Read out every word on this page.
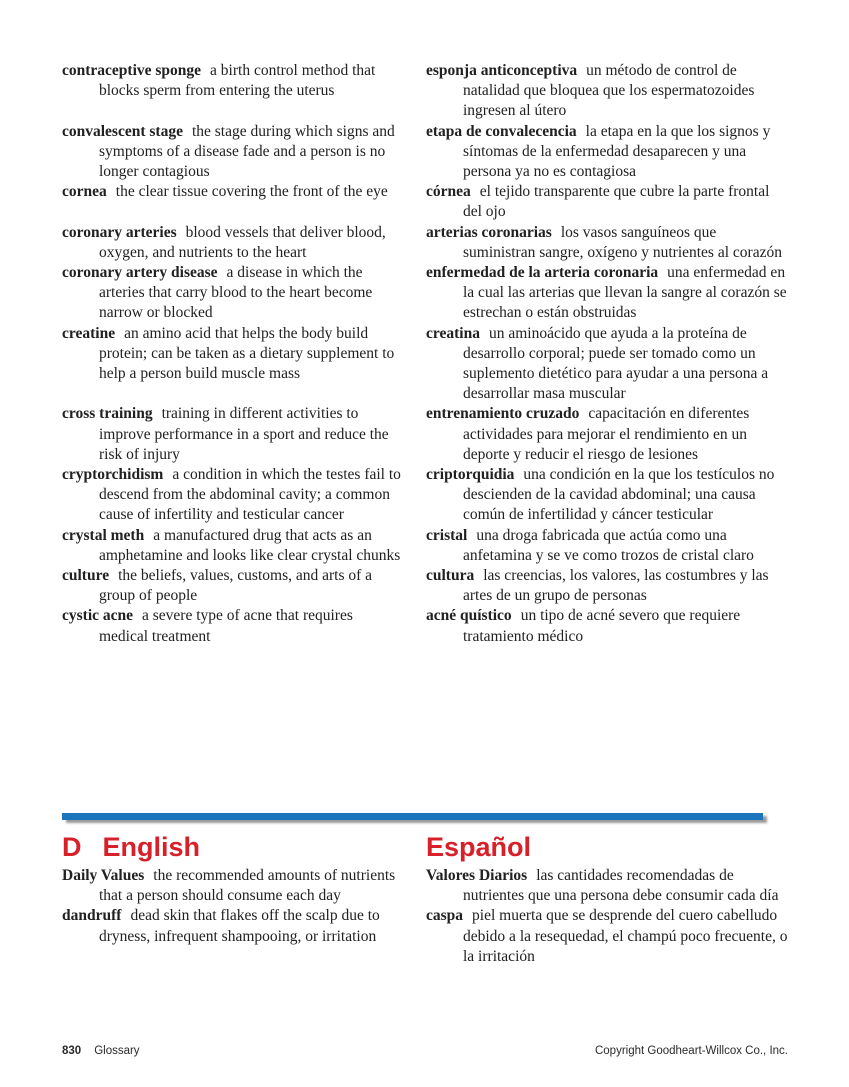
contraceptive sponge a birth control method that blocks sperm from entering the uterus

esponja anticonceptiva un método de control de natalidad que bloquea que los espermatozoides ingresen al útero

convalescent stage the stage during which signs and symptoms of a disease fade and a person is no longer contagious

etapa de convalecencia la etapa en la que los signos y síntomas de la enfermedad desaparecen y una persona ya no es contagiosa

cornea the clear tissue covering the front of the eye	córnea el tejido transparente que cubre la parte frontal del ojo

coronary arteries blood vessels that deliver blood, oxygen, and nutrients to the heart

arterias coronarias los vasos sanguíneos que suministran sangre, oxígeno y nutrientes al corazón

coronary artery disease a disease in which the arteries that carry blood to the heart become narrow or blocked

enfermedad de la arteria coronaria una enfermedad en la cual las arterias que llevan la sangre al corazón se estrechan o están obstruidas

creatine an amino acid that helps the body build protein; can be taken as a dietary supplement to help a person build muscle mass

creatina un aminoácido que ayuda a la proteína de desarrollo corporal; puede ser tomado como un suplemento dietético para ayudar a una persona a desarrollar masa muscular

cross training training in different activities to improve performance in a sport and reduce the risk of injury

entrenamiento cruzado capacitación en diferentes actividades para mejorar el rendimiento en un deporte y reducir el riesgo de lesiones

cryptorchidism a condition in which the testes fail to descend from the abdominal cavity; a common cause of infertility and testicular cancer

criptorquidia una condición en la que los testículos no descienden de la cavidad abdominal; una causa común de infertilidad y cáncer testicular

crystal meth a manufactured drug that acts as an amphetamine and looks like clear crystal chunks

cristal una droga fabricada que actúa como una anfetamina y se ve como trozos de cristal claro

culture the beliefs, values, customs, and arts of a group of people

cultura las creencias, los valores, las costumbres y las artes de un grupo de personas

cystic acne a severe type of acne that requires medical treatment

acné quístico un tipo de acné severo que requiere tratamiento médico

D English	Español

Daily Values the recommended amounts of nutrients that a person should consume each day

Valores Diarios las cantidades recomendadas de nutrientes que una persona debe consumir cada día

dandruff dead skin that flakes off the scalp due to dryness, infrequent shampooing, or irritation

caspa piel muerta que se desprende del cuero cabelludo debido a la resequedad, el champú poco frecuente, o la irritación

830 Glossary	Copyright Goodheart-Willcox Co., Inc.
